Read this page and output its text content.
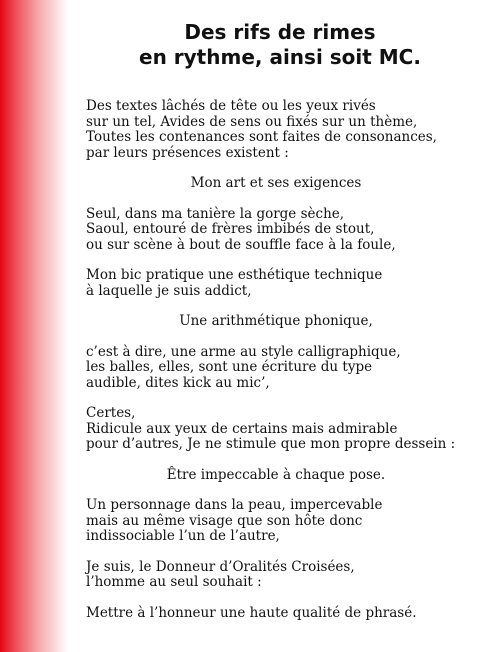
Des rifs de rimes
en rythme, ainsi soit MC.
Des textes lâchés de tête ou les yeux rivés
sur un tel, Avides de sens ou fixés sur un thème,
Toutes les contenances sont faites de consonances,
par leurs présences existent :
Mon art et ses exigences
Seul, dans ma tanière la gorge sèche,
Saoul, entouré de frères imbibés de stout,
ou sur scène à bout de souffle face à la foule,
Mon bic pratique une esthétique technique
à laquelle je suis addict,
Une arithmétique phonique,
c’est à dire, une arme au style calligraphique,
les balles, elles, sont une écriture du type
audible, dites kick au mic’,
Certes,
Ridicule aux yeux de certains mais admirable
pour d’autres, Je ne stimule que mon propre dessein :
Être impeccable à chaque pose.
Un personnage dans la peau, impercevable
mais au même visage que son hôte donc
indissociable l’un de l’autre,
Je suis, le Donneur d’Oralités Croisées,
l’homme au seul souhait :
Mettre à l’honneur une haute qualité de phrasé.
